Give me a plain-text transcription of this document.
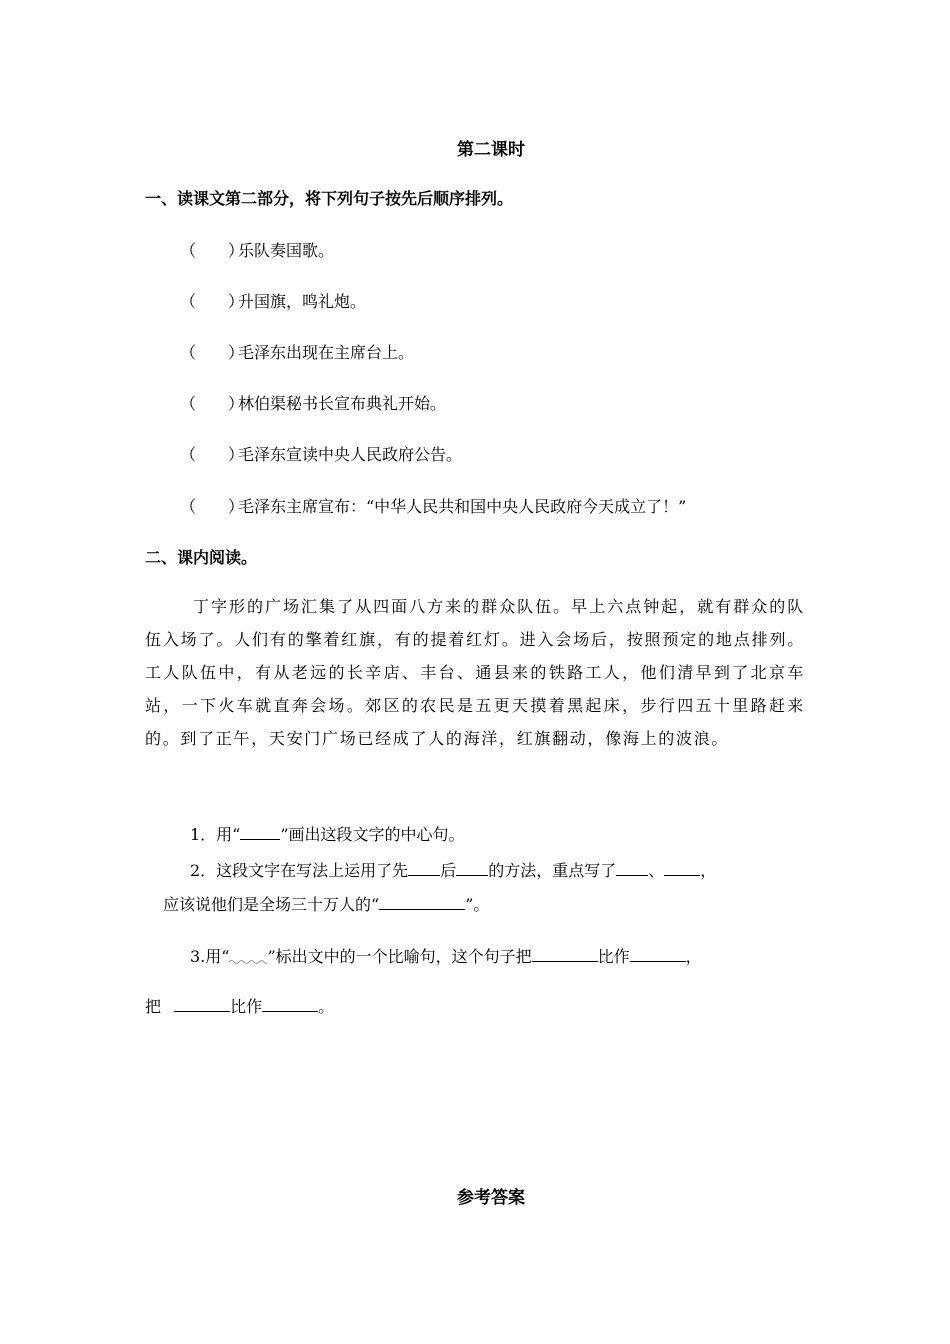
第二课时
一、读课文第二部分，将下列句子按先后顺序排列。
（　　）乐队奏国歌。
（　　）升国旗，鸣礼炮。
（　　）毛泽东出现在主席台上。
（　　）林伯渠秘书长宣布典礼开始。
（　　）毛泽东宣读中央人民政府公告。
（　　）毛泽东主席宣布：“中华人民共和国中央人民政府今天成立了！”
二、课内阅读。
丁字形的广场汇集了从四面八方来的群众队伍。早上六点钟起，就有群众的队伍入场了。人们有的擎着红旗，有的提着红灯。进入会场后，按照预定的地点排列。工人队伍中，有从老远的长辛店、丰台、通县来的铁路工人，他们清早到了北京车站，一下火车就直奔会场。郊区的农民是五更天摸着黑起床，步行四五十里路赶来的。到了正午，天安门广场已经成了人的海洋，红旗翻动，像海上的波浪。
1．用“	”画出这段文字的中心句。
2．这段文字在写法上运用了先 后 的方法，重点写了 、 ，
应该说他们是全场三十万人的“	”。
3.用“ ”标出文中的一个比喻句，这个句子把	比作	，
把	比作	。
参考答案
